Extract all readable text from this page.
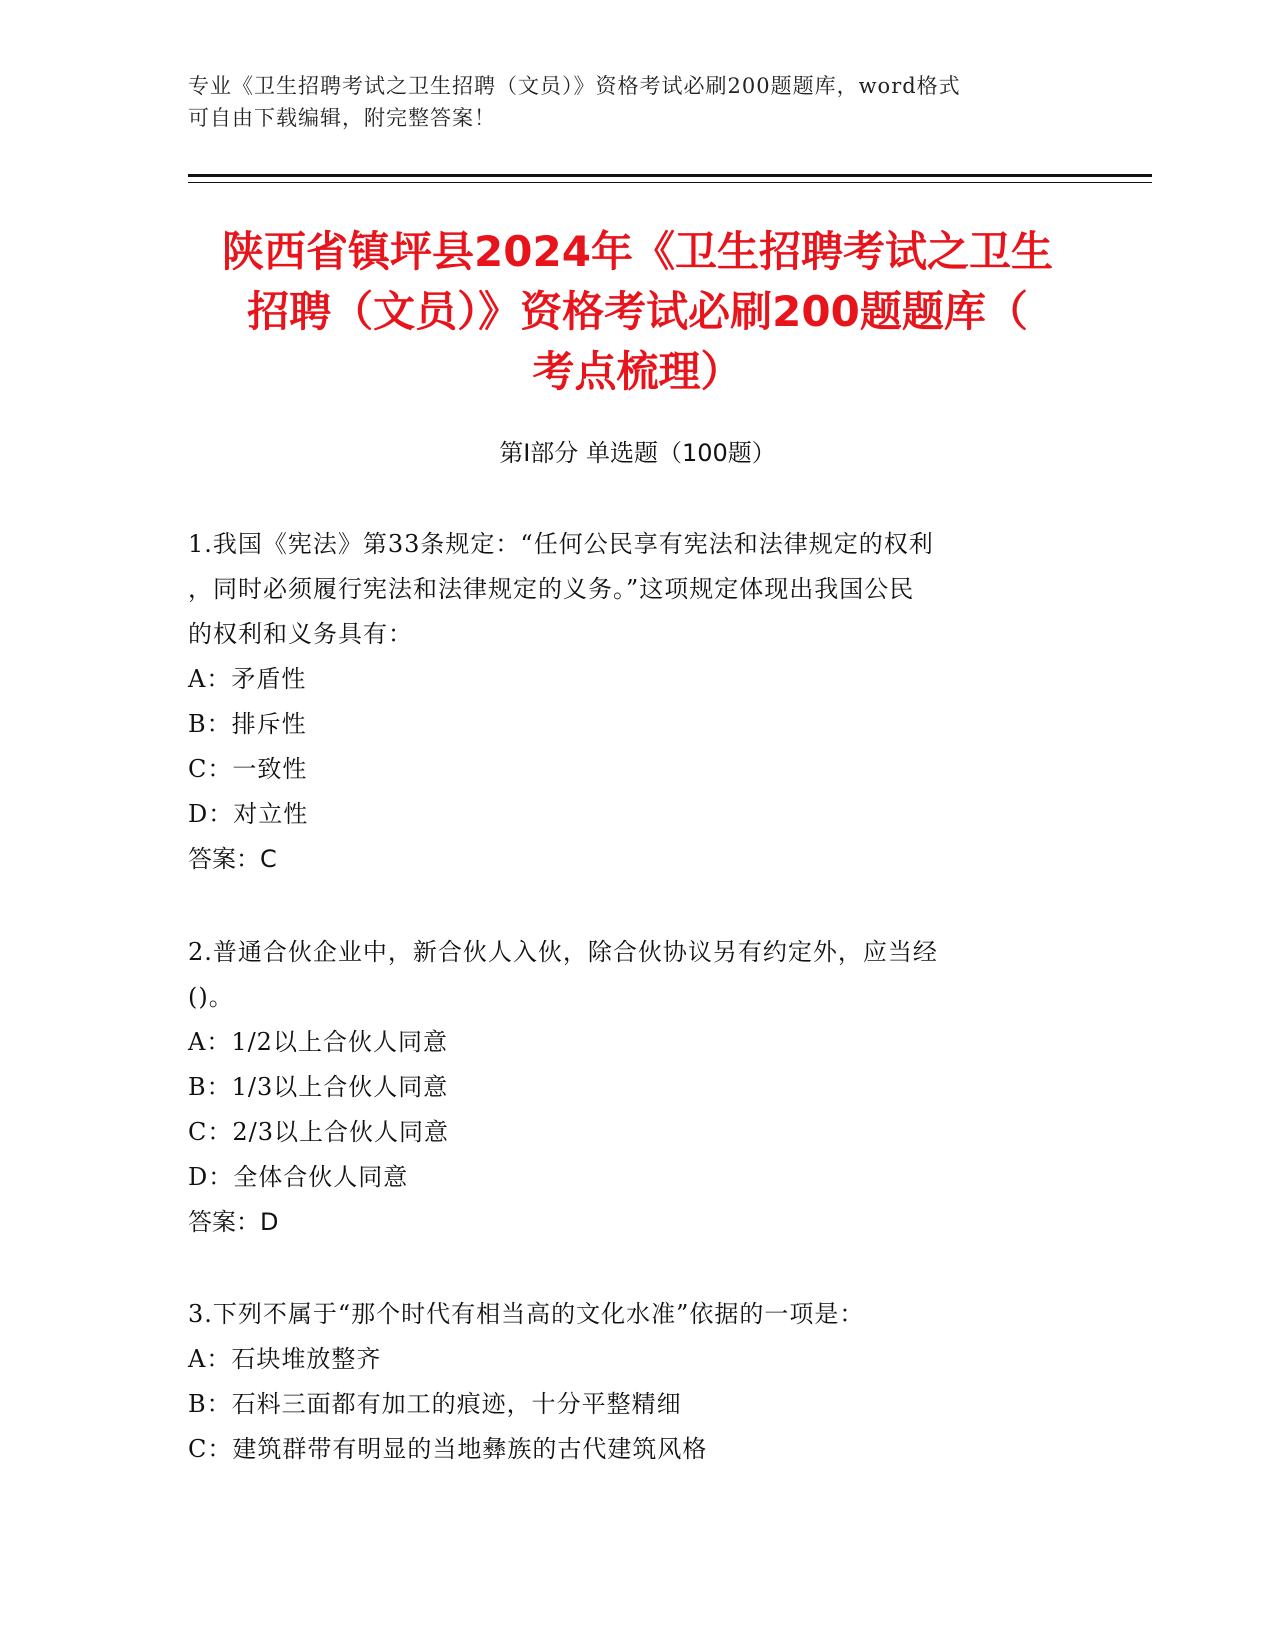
专业《卫生招聘考试之卫生招聘（文员）》资格考试必刷200题题库，word格式
可自由下载编辑，附完整答案！
陕西省镇坪县2024年《卫生招聘考试之卫生
招聘（文员）》资格考试必刷200题题库（
考点梳理）
第Ⅰ部分 单选题（100题）
1.我国《宪法》第33条规定：“任何公民享有宪法和法律规定的权利
，同时必须履行宪法和法律规定的义务。”这项规定体现出我国公民
的权利和义务具有：
A：矛盾性
B：排斥性
C：一致性
D：对立性
答案：C
2.普通合伙企业中，新合伙人入伙，除合伙协议另有约定外，应当经
()。
A：1/2以上合伙人同意
B：1/3以上合伙人同意
C：2/3以上合伙人同意
D：全体合伙人同意
答案：D
3.下列不属于“那个时代有相当高的文化水准”依据的一项是：
A：石块堆放整齐
B：石料三面都有加工的痕迹，十分平整精细
C：建筑群带有明显的当地彝族的古代建筑风格
